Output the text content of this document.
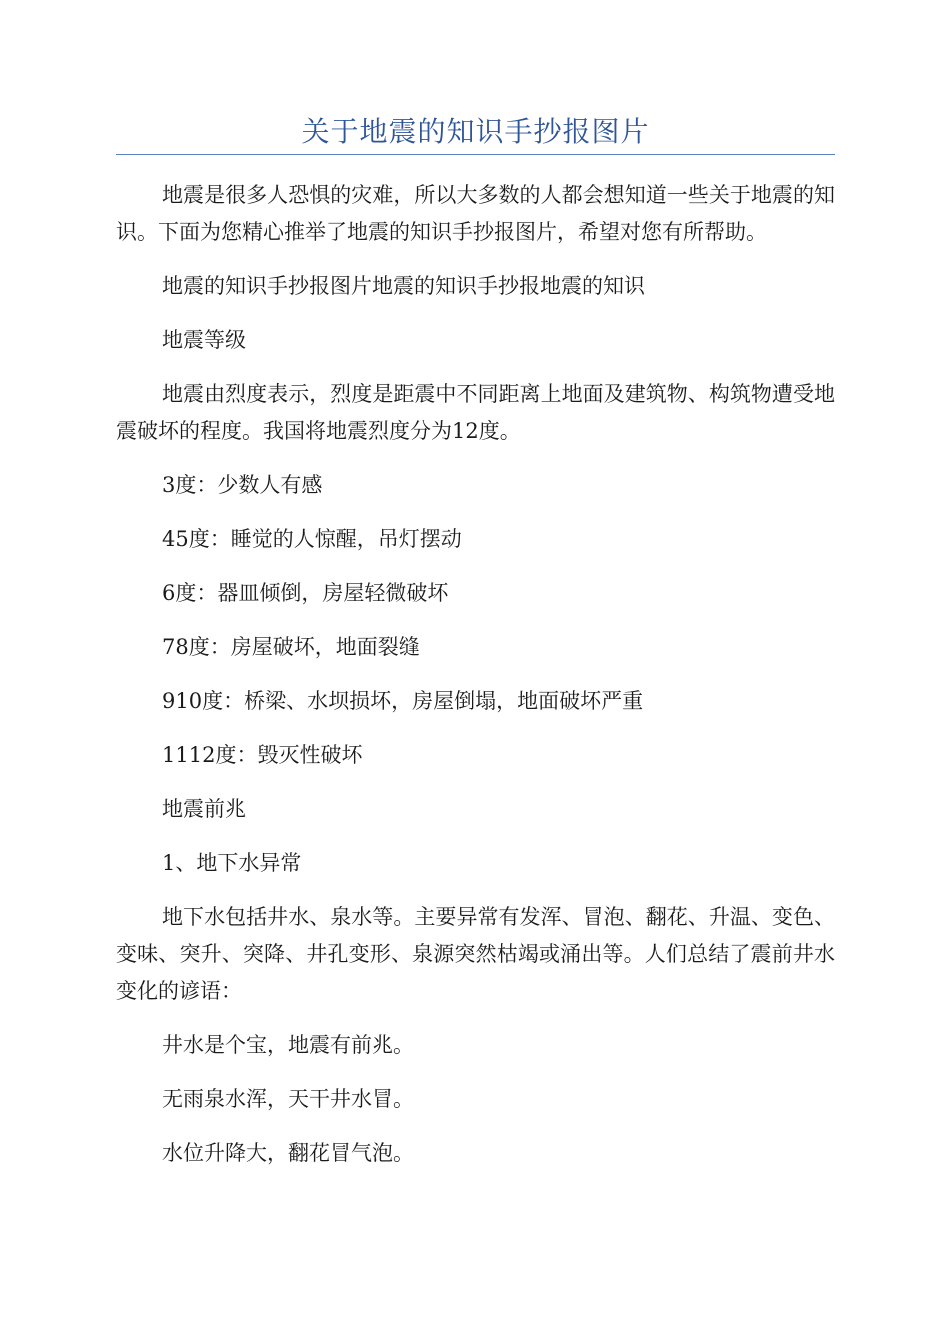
关于地震的知识手抄报图片

地震是很多人恐惧的灾难，所以大多数的人都会想知道一些关于地震的知识。下面为您精心推举了地震的知识手抄报图片，希望对您有所帮助。

地震的知识手抄报图片地震的知识手抄报地震的知识

地震等级

地震由烈度表示，烈度是距震中不同距离上地面及建筑物、构筑物遭受地震破坏的程度。我国将地震烈度分为12度。

3度：少数人有感

45度：睡觉的人惊醒，吊灯摆动

6度：器皿倾倒，房屋轻微破坏

78度：房屋破坏，地面裂缝

910度：桥梁、水坝损坏，房屋倒塌，地面破坏严重

1112度：毁灭性破坏

地震前兆

1、地下水异常

地下水包括井水、泉水等。主要异常有发浑、冒泡、翻花、升温、变色、变味、突升、突降、井孔变形、泉源突然枯竭或涌出等。人们总结了震前井水变化的谚语：

井水是个宝，地震有前兆。

无雨泉水浑，天干井水冒。

水位升降大，翻花冒气泡。
